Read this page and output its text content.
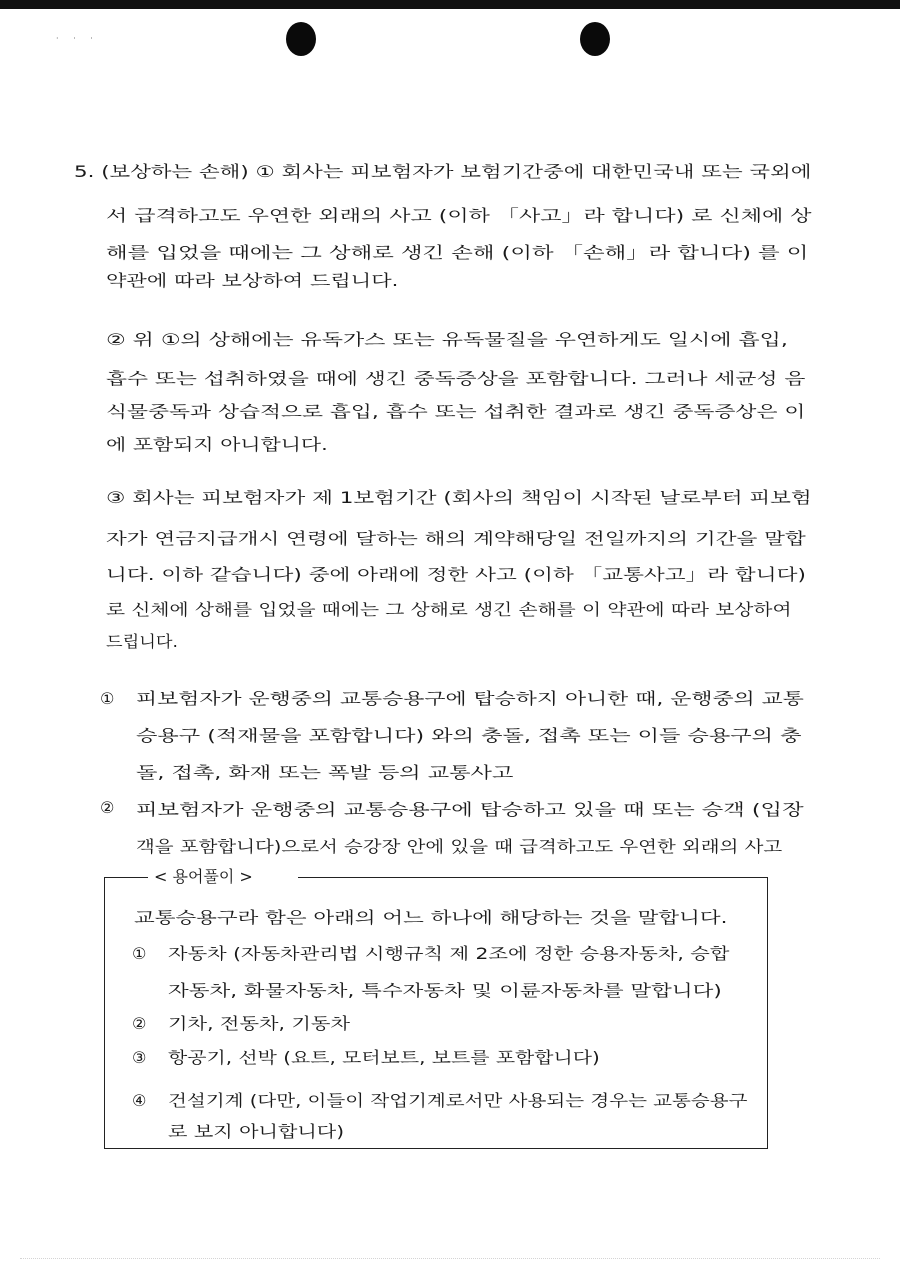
· · ·
5. (보상하는 손해) ① 회사는 피보험자가 보험기간중에 대한민국내 또는 국외에
서 급격하고도 우연한 외래의 사고 (이하 「사고」라 합니다) 로 신체에 상
해를 입었을 때에는 그 상해로 생긴 손해 (이하 「손해」라 합니다) 를 이
약관에 따라 보상하여 드립니다.
② 위 ①의 상해에는 유독가스 또는 유독물질을 우연하게도 일시에 흡입,
흡수 또는 섭취하였을 때에 생긴 중독증상을 포함합니다. 그러나 세균성 음
식물중독과 상습적으로 흡입, 흡수 또는 섭취한 결과로 생긴 중독증상은 이
에 포함되지 아니합니다.
③ 회사는 피보험자가 제 1보험기간 (회사의 책임이 시작된 날로부터 피보험
자가 연금지급개시 연령에 달하는 해의 계약해당일 전일까지의 기간을 말합
니다. 이하 같습니다) 중에 아래에 정한 사고 (이하 「교통사고」라 합니다)
로 신체에 상해를 입었을 때에는 그 상해로 생긴 손해를 이 약관에 따라 보상하여
드립니다.
① 피보험자가 운행중의 교통승용구에 탑승하지 아니한 때, 운행중의 교통
승용구 (적재물을 포함합니다) 와의 충돌, 접촉 또는 이들 승용구의 충
돌, 접촉, 화재 또는 폭발 등의 교통사고
② 피보험자가 운행중의 교통승용구에 탑승하고 있을 때 또는 승객 (입장
객을 포함합니다)으로서 승강장 안에 있을 때 급격하고도 우연한 외래의 사고
< 용어풀이 >
교통승용구라 함은 아래의 어느 하나에 해당하는 것을 말합니다.
① 자동차 (자동차관리법 시행규칙 제 2조에 정한 승용자동차, 승합
자동차, 화물자동차, 특수자동차 및 이륜자동차를 말합니다)
② 기차, 전동차, 기동차
③ 항공기, 선박 (요트, 모터보트, 보트를 포함합니다)
④ 건설기계 (다만, 이들이 작업기계로서만 사용되는 경우는 교통승용구
로 보지 아니합니다)
